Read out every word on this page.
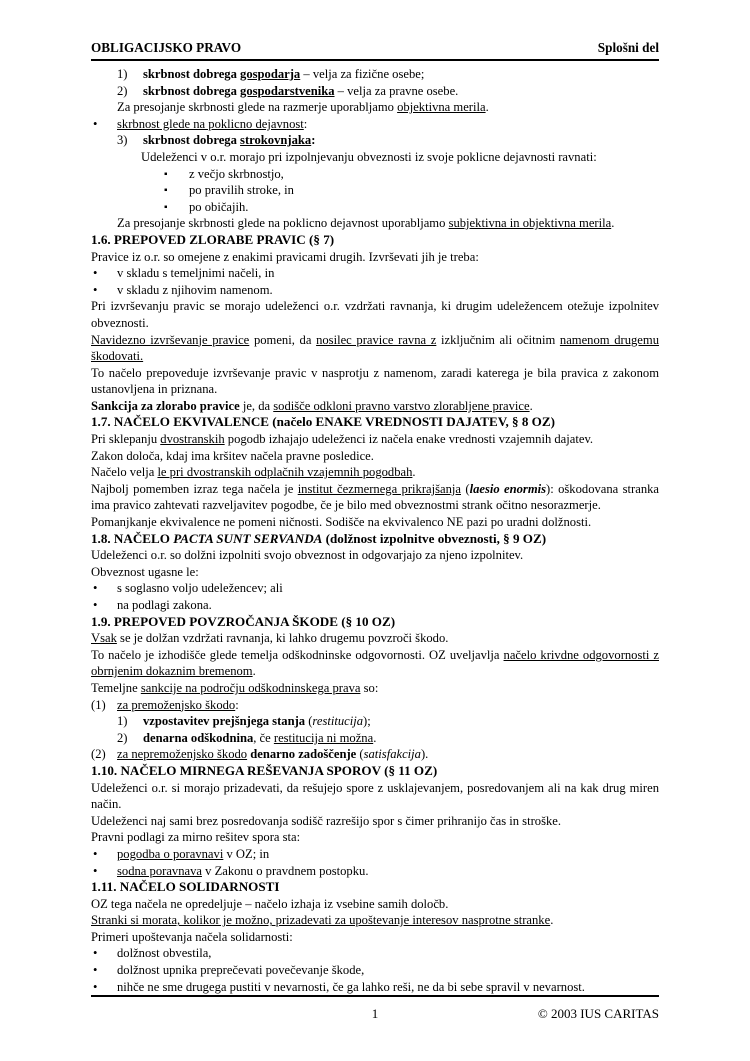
OBLIGACIJSKO PRAVO	Splošni del
1) skrbnost dobrega gospodarja – velja za fizične osebe;
2) skrbnost dobrega gospodarstvenika – velja za pravne osebe.
Za presojanje skrbnosti glede na razmerje uporabljamo objektivna merila.
• skrbnost glede na poklicno dejavnost:
3) skrbnost dobrega strokovnjaka:
Udeleženci v o.r. morajo pri izpolnjevanju obveznosti iz svoje poklicne dejavnosti ravnati:
▪ z večjo skrbnostjo,
▪ po pravilih stroke, in
▪ po običajih.
Za presojanje skrbnosti glede na poklicno dejavnost uporabljamo subjektivna in objektivna merila.
1.6. PREPOVED ZLORABE PRAVIC (§ 7)
Pravice iz o.r. so omejene z enakimi pravicami drugih. Izvrševati jih je treba:
• v skladu s temeljnimi načeli, in
• v skladu z njihovim namenom.
Pri izvrševanju pravic se morajo udeleženci o.r. vzdržati ravnanja, ki drugim udeležencem otežuje izpolnitev obveznosti.
Navidezno izvrševanje pravice pomeni, da nosilec pravice ravna z izključnim ali očitnim namenom drugemu škodovati.
To načelo prepoveduje izvrševanje pravic v nasprotju z namenom, zaradi katerega je bila pravica z zakonom ustanovljena in priznana.
Sankcija za zlorabo pravice je, da sodišče odkloni pravno varstvo zlorabljene pravice.
1.7. NAČELO EKVIVALENCE (načelo ENAKE VREDNOSTI DAJATEV, § 8 OZ)
Pri sklepanju dvostranskih pogodb izhajajo udeleženci iz načela enake vrednosti vzajemnih dajatev.
Zakon določa, kdaj ima kršitev načela pravne posledice.
Načelo velja le pri dvostranskih odplačnih vzajemnih pogodbah.
Najbolj pomemben izraz tega načela je institut čezmernega prikrajšanja (laesio enormis): oškodovana stranka ima pravico zahtevati razveljavitev pogodbe, če je bilo med obveznostmi strank očitno nesorazmerje.
Pomanjkanje ekvivalence ne pomeni ničnosti. Sodišče na ekvivalenco NE pazi po uradni dolžnosti.
1.8. NAČELO PACTA SUNT SERVANDA (dolžnost izpolnitve obveznosti, § 9 OZ)
Udeleženci o.r. so dolžni izpolniti svojo obveznost in odgovarjajo za njeno izpolnitev.
Obveznost ugasne le:
• s soglasno voljo udeležencev; ali
• na podlagi zakona.
1.9. PREPOVED POVZROČANJA ŠKODE (§ 10 OZ)
Vsak se je dolžan vzdržati ravnanja, ki lahko drugemu povzroči škodo.
To načelo je izhodišče glede temelja odškodninske odgovornosti. OZ uveljavlja načelo krivdne odgovornosti z obrnjenim dokaznim bremenom.
Temeljne sankcije na področju odškodninskega prava so:
(1) za premoženjsko škodo:
1) vzpostavitev prejšnjega stanja (restitucija);
2) denarna odškodnina, če restitucija ni možna.
(2) za nepremoženjsko škodo denarno zadoščenje (satisfakcija).
1.10. NAČELO MIRNEGA REŠEVANJA SPOROV (§ 11 OZ)
Udeleženci o.r. si morajo prizadevati, da rešujejo spore z usklajevanjem, posredovanjem ali na kak drug miren način.
Udeleženci naj sami brez posredovanja sodišč razrešijo spor s čimer prihranijo čas in stroške.
Pravni podlagi za mirno rešitev spora sta:
• pogodba o poravnavi v OZ; in
• sodna poravnava v Zakonu o pravdnem postopku.
1.11. NAČELO SOLIDARNOSTI
OZ tega načela ne opredeljuje – načelo izhaja iz vsebine samih določb.
Stranki si morata, kolikor je možno, prizadevati za upoštevanje interesov nasprotne stranke.
Primeri upoštevanja načela solidarnosti:
• dolžnost obvestila,
• dolžnost upnika preprečevati povečevanje škode,
• nihče ne sme drugega pustiti v nevarnosti, če ga lahko reši, ne da bi sebe spravil v nevarnost.
1	© 2003 IUS CARITAS
